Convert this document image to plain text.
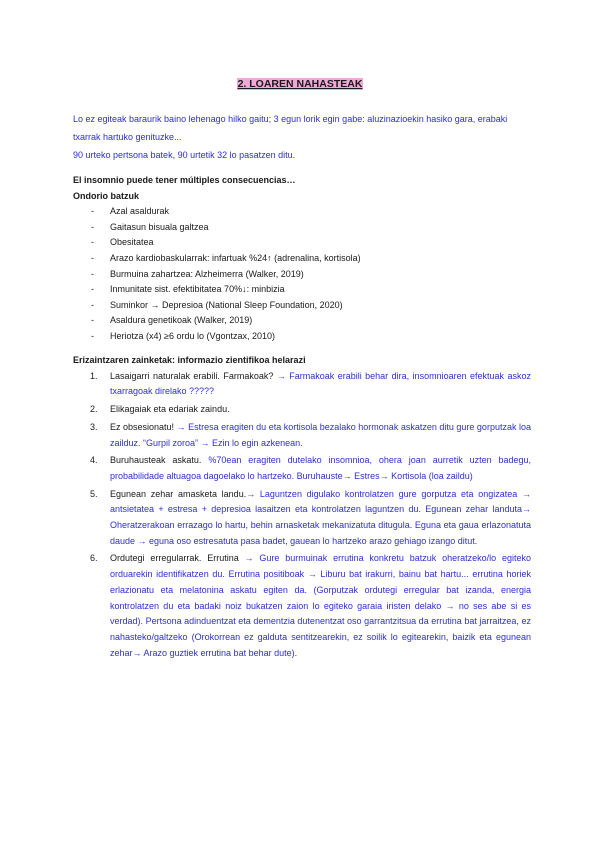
2. LOAREN NAHASTEAK

Lo ez egiteak baraurik baino lehenago hilko gaitu; 3 egun lorik egin gabe: aluzinazioekin hasiko gara, erabaki txarrak hartuko genituzke...

90 urteko pertsona batek, 90 urtetik 32 lo pasatzen ditu.

El insomnio puede tener múltiples consecuencias…
Ondorio batzuk
- Azal asaldurak
- Gaitasun bisuala galtzea
- Obesitatea
- Arazo kardiobaskularrak: infartuak %24↑ (adrenalina, kortisola)
- Burmuina zahartzea: Alzheimerra (Walker, 2019)
- Inmunitate sist. efektibitatea 70%↓: minbizia
- Suminkor → Depresioa (National Sleep Foundation, 2020)
- Asaldura genetikoak (Walker, 2019)
- Heriotza (x4) ≥6 ordu lo (Vgontzax, 2010)
Erizaintzaren zainketak: informazio zientifikoa helarazi
1. Lasaigarri naturalak erabili. Farmakoak? → Farmakoak erabili behar dira, insomnioaren efektuak askoz txarragoak direlako ?????
2. Elikagaiak eta edariak zaindu.
3. Ez obsesionatu! → Estresa eragiten du eta kortisola bezalako hormonak askatzen ditu gure gorputzak loa zailduz. “Gurpil zoroa” → Ezin lo egin azkenean.
4. Buruhausteak askatu. %70ean eragiten dutelako insomnioa, ohera joan aurretik uzten badegu, probabilidade altuagoa dagoelako lo hartzeko. Buruhauste→ Estres→ Kortisola (loa zaildu)
5. Egunean zehar amasketa landu.→ Laguntzen digulako kontrolatzen gure gorputza eta ongizatea → antsietatea + estresa + depresioa lasaitzen eta kontrolatzen laguntzen du. Egunean zehar landuta→ Oheratzerakoan errazago lo hartu, behin arnasketak mekanizatuta ditugula. Eguna eta gaua erlazonatuta daude → eguna oso estresatuta pasa badet, gauean lo hartzeko arazo gehiago izango ditut.
6. Ordutegi erregularrak. Errutina → Gure burmuinak errutina konkretu batzuk oheratzeko/lo egiteko orduarekin identifikatzen du. Errutina positiboak → Liburu bat irakurri, bainu bat hartu... errutina horiek erlazionatu eta melatonina askatu egiten da. (Gorputzak ordutegi erregular bat izanda, energia kontrolatzen du eta badaki noiz bukatzen zaion lo egiteko garaia iristen delako → no ses abe si es verdad). Pertsona adinduentzat eta dementzia dutenentzat oso garrantzitsua da errutina bat jarraitzea, ez nahasteko/galtzeko (Orokorrean ez galduta sentitzearekin, ez soilik lo egitearekin, baizik eta egunean zehar→ Arazo guztiek errutina bat behar dute).
